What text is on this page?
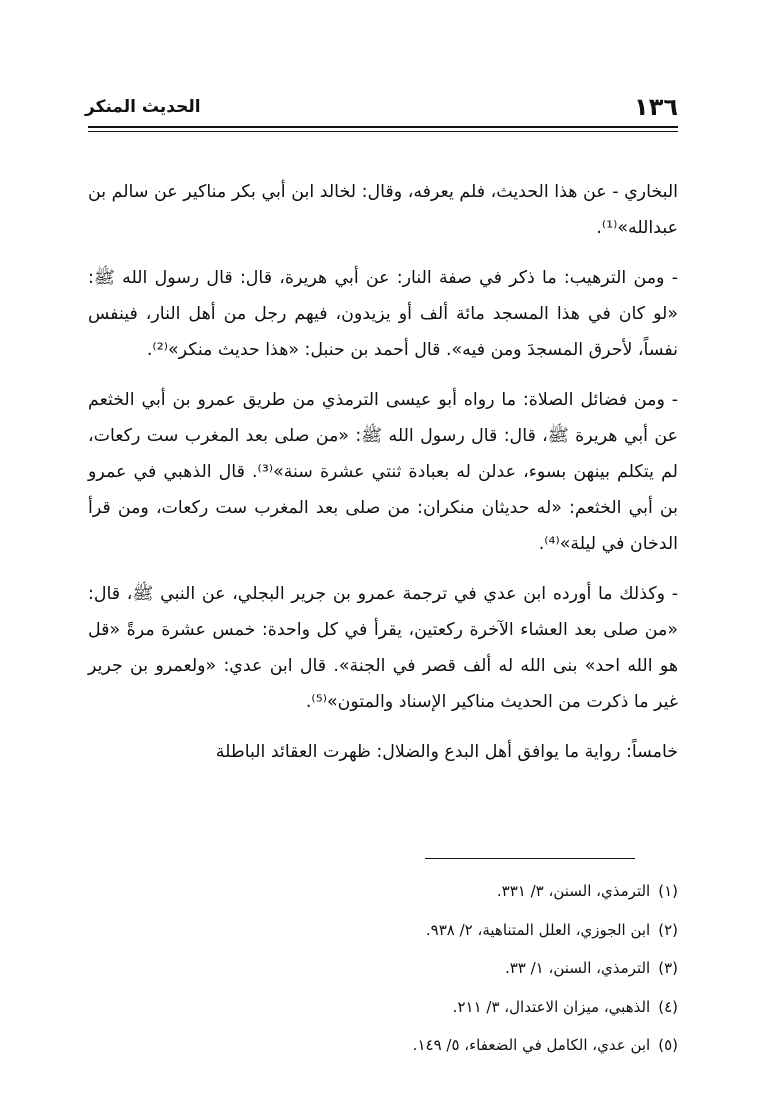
١٣٦
الحديث المنكر

البخاري - عن هذا الحديث، فلم يعرفه، وقال: لخالد ابن أبي بكر مناكير عن سالم بن عبدالله»⁽¹⁾.

- ومن الترهيب: ما ذكر في صفة النار: عن أبي هريرة، قال: قال رسول الله ﷺ: «لو كان في هذا المسجد مائة ألف أو يزيدون، فيهم رجل من أهل النار، فينفس نفساً، لأحرق المسجدَ ومن فيه». قال أحمد بن حنبل: «هذا حديث منكر»⁽²⁾.

- ومن فضائل الصلاة: ما رواه أبو عيسى الترمذي من طريق عمرو بن أبي الخثعم عن أبي هريرة ﷺ، قال: قال رسول الله ﷺ: «من صلى بعد المغرب ست ركعات، لم يتكلم بينهن بسوء، عدلن له بعبادة ثنتي عشرة سنة»⁽³⁾. قال الذهبي في عمرو بن أبي الخثعم: «له حديثان منكران: من صلى بعد المغرب ست ركعات، ومن قرأ الدخان في ليلة»⁽⁴⁾.

- وكذلك ما أورده ابن عدي في ترجمة عمرو بن جرير البجلي، عن النبي ﷺ، قال: «من صلى بعد العشاء الآخرة ركعتين، يقرأ في كل واحدة: خمس عشرة مرةً «قل هو الله احد» بنى الله له ألف قصر في الجنة». قال ابن عدي: «ولعمرو بن جرير غير ما ذكرت من الحديث مناكير الإسناد والمتون»⁽⁵⁾.

خامساً: رواية ما يوافق أهل البدع والضلال: ظهرت العقائد الباطلة

(١)الترمذي، السنن، ٣/ ٣٣١.
(٢)ابن الجوزي، العلل المتناهية، ٢/ ٩٣٨.
(٣)الترمذي، السنن، ١/ ٣٣.
(٤)الذهبي، ميزان الاعتدال، ٣/ ٢١١.
(٥)ابن عدي، الكامل في الضعفاء، ٥/ ١٤٩.
